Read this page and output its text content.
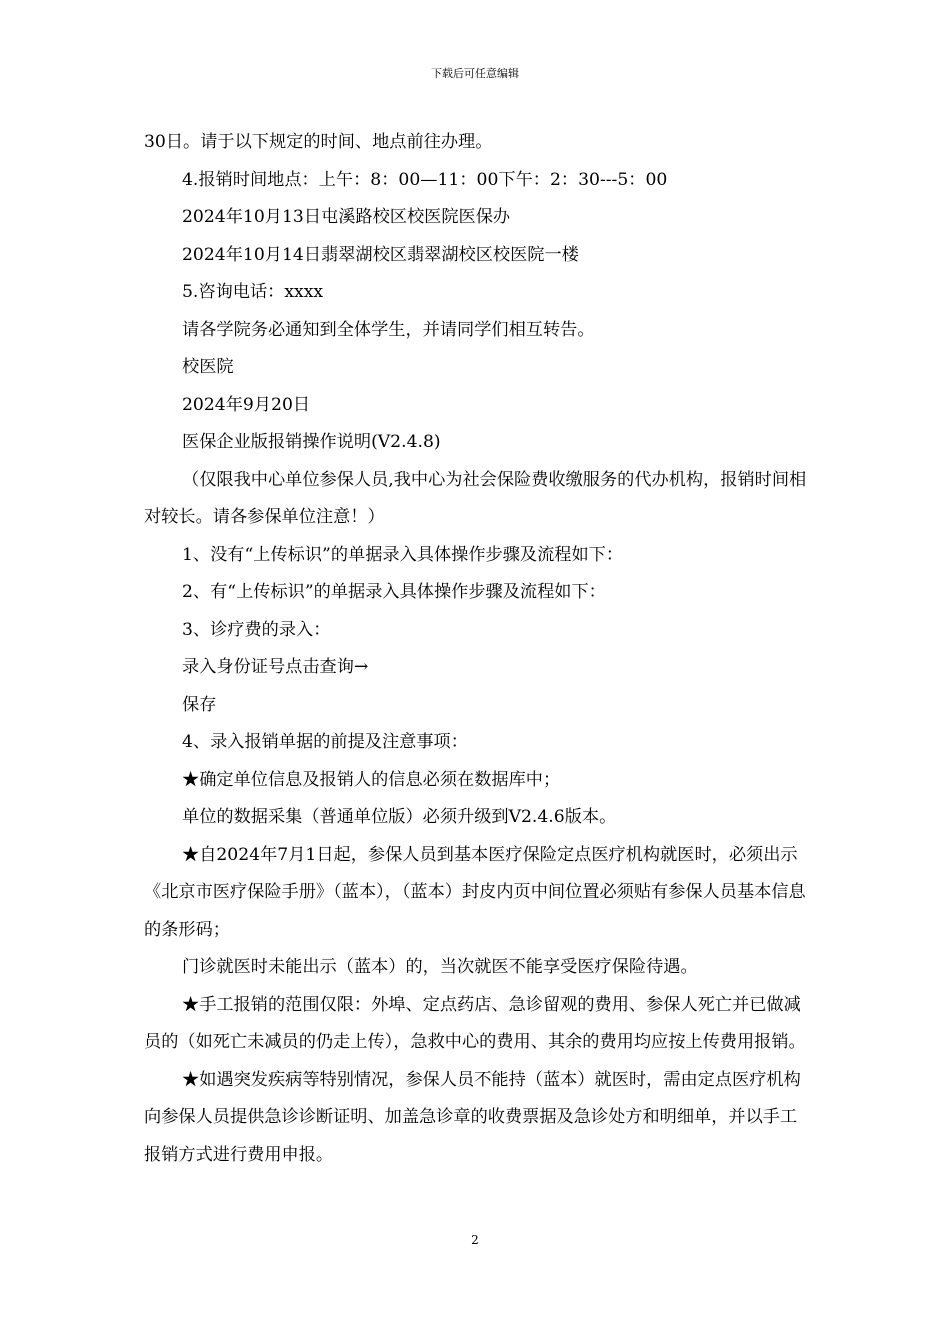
下载后可任意编辑

30日。请于以下规定的时间、地点前往办理。

4.报销时间地点：上午：8：00—11：00下午：2：30---5：00

2024年10月13日屯溪路校区校医院医保办

2024年10月14日翡翠湖校区翡翠湖校区校医院一楼

5.咨询电话：xxxx

请各学院务必通知到全体学生，并请同学们相互转告。

校医院

2024年9月20日

医保企业版报销操作说明(V2.4.8)

（仅限我中心单位参保人员,我中心为社会保险费收缴服务的代办机构，报销时间相对较长。请各参保单位注意！）

1、没有“上传标识”的单据录入具体操作步骤及流程如下：

2、有“上传标识”的单据录入具体操作步骤及流程如下：

3、诊疗费的录入：

录入身份证号点击查询→

保存

4、录入报销单据的前提及注意事项：

★确定单位信息及报销人的信息必须在数据库中；

单位的数据采集（普通单位版）必须升级到V2.4.6版本。

★自2024年7月1日起，参保人员到基本医疗保险定点医疗机构就医时，必须出示《北京市医疗保险手册》（蓝本），（蓝本）封皮内页中间位置必须贴有参保人员基本信息的条形码；

门诊就医时未能出示（蓝本）的，当次就医不能享受医疗保险待遇。

★手工报销的范围仅限：外埠、定点药店、急诊留观的费用、参保人死亡并已做减员的（如死亡未减员的仍走上传），急救中心的费用、其余的费用均应按上传费用报销。

★如遇突发疾病等特别情况，参保人员不能持（蓝本）就医时，需由定点医疗机构向参保人员提供急诊诊断证明、加盖急诊章的收费票据及急诊处方和明细单，并以手工报销方式进行费用申报。

2
